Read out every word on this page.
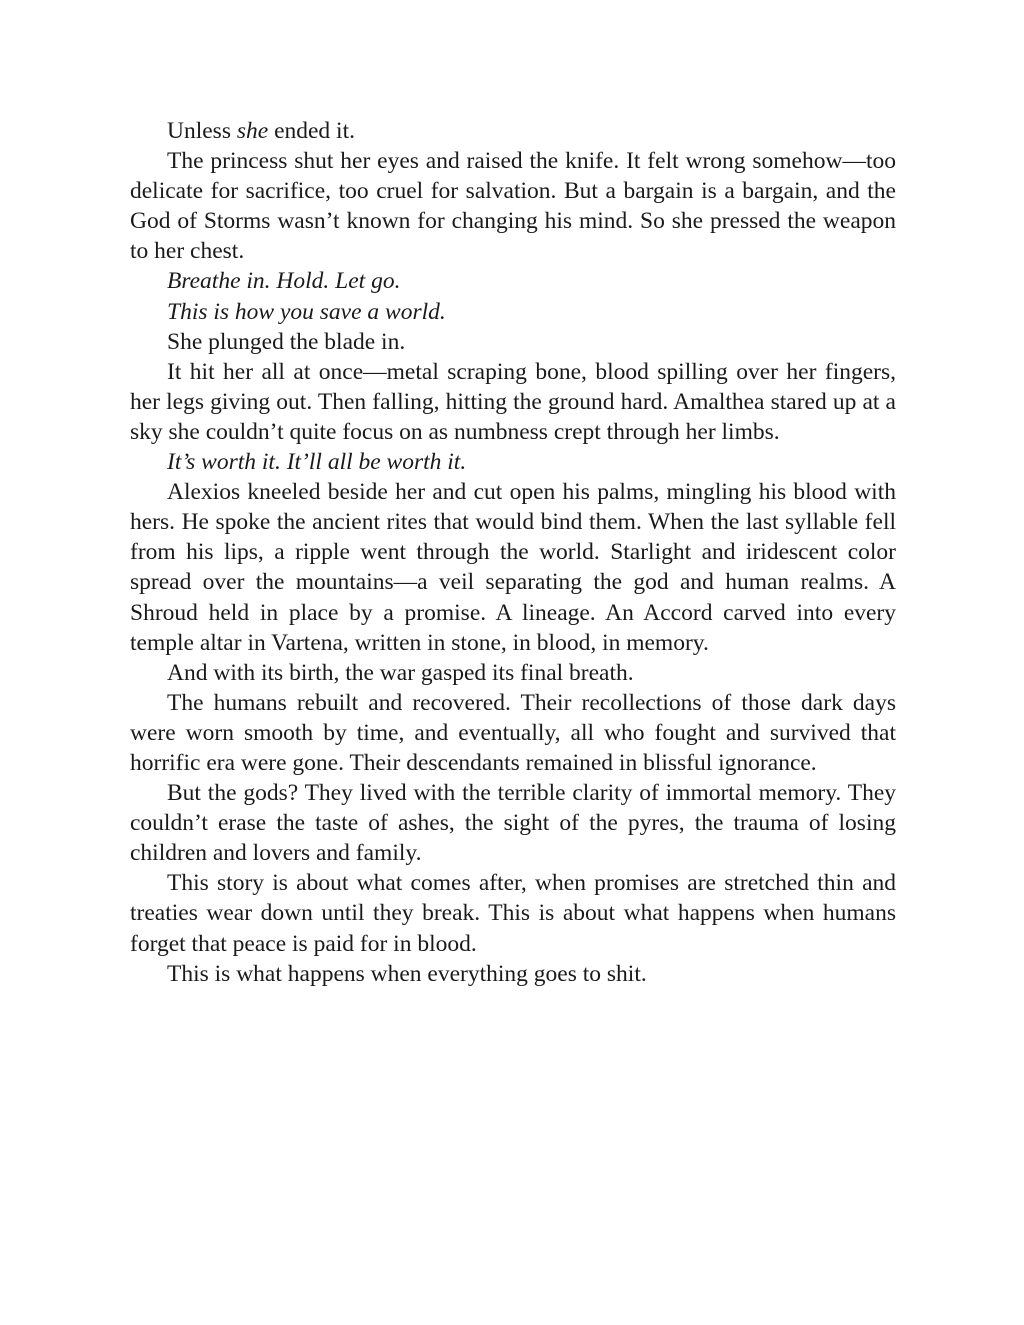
Unless she ended it.

The princess shut her eyes and raised the knife. It felt wrong somehow—too delicate for sacrifice, too cruel for salvation. But a bargain is a bargain, and the God of Storms wasn’t known for changing his mind. So she pressed the weapon to her chest.

Breathe in. Hold. Let go.

This is how you save a world.

She plunged the blade in.

It hit her all at once—metal scraping bone, blood spilling over her fingers, her legs giving out. Then falling, hitting the ground hard. Amalthea stared up at a sky she couldn’t quite focus on as numbness crept through her limbs.

It’s worth it. It’ll all be worth it.

Alexios kneeled beside her and cut open his palms, mingling his blood with hers. He spoke the ancient rites that would bind them. When the last syllable fell from his lips, a ripple went through the world. Starlight and iridescent color spread over the mountains—a veil separating the god and human realms. A Shroud held in place by a promise. A lineage. An Accord carved into every temple altar in Vartena, written in stone, in blood, in memory.

And with its birth, the war gasped its final breath.

The humans rebuilt and recovered. Their recollections of those dark days were worn smooth by time, and eventually, all who fought and survived that horrific era were gone. Their descendants remained in blissful ignorance.

But the gods? They lived with the terrible clarity of immortal memory. They couldn’t erase the taste of ashes, the sight of the pyres, the trauma of losing children and lovers and family.

This story is about what comes after, when promises are stretched thin and treaties wear down until they break. This is about what happens when humans forget that peace is paid for in blood.

This is what happens when everything goes to shit.
